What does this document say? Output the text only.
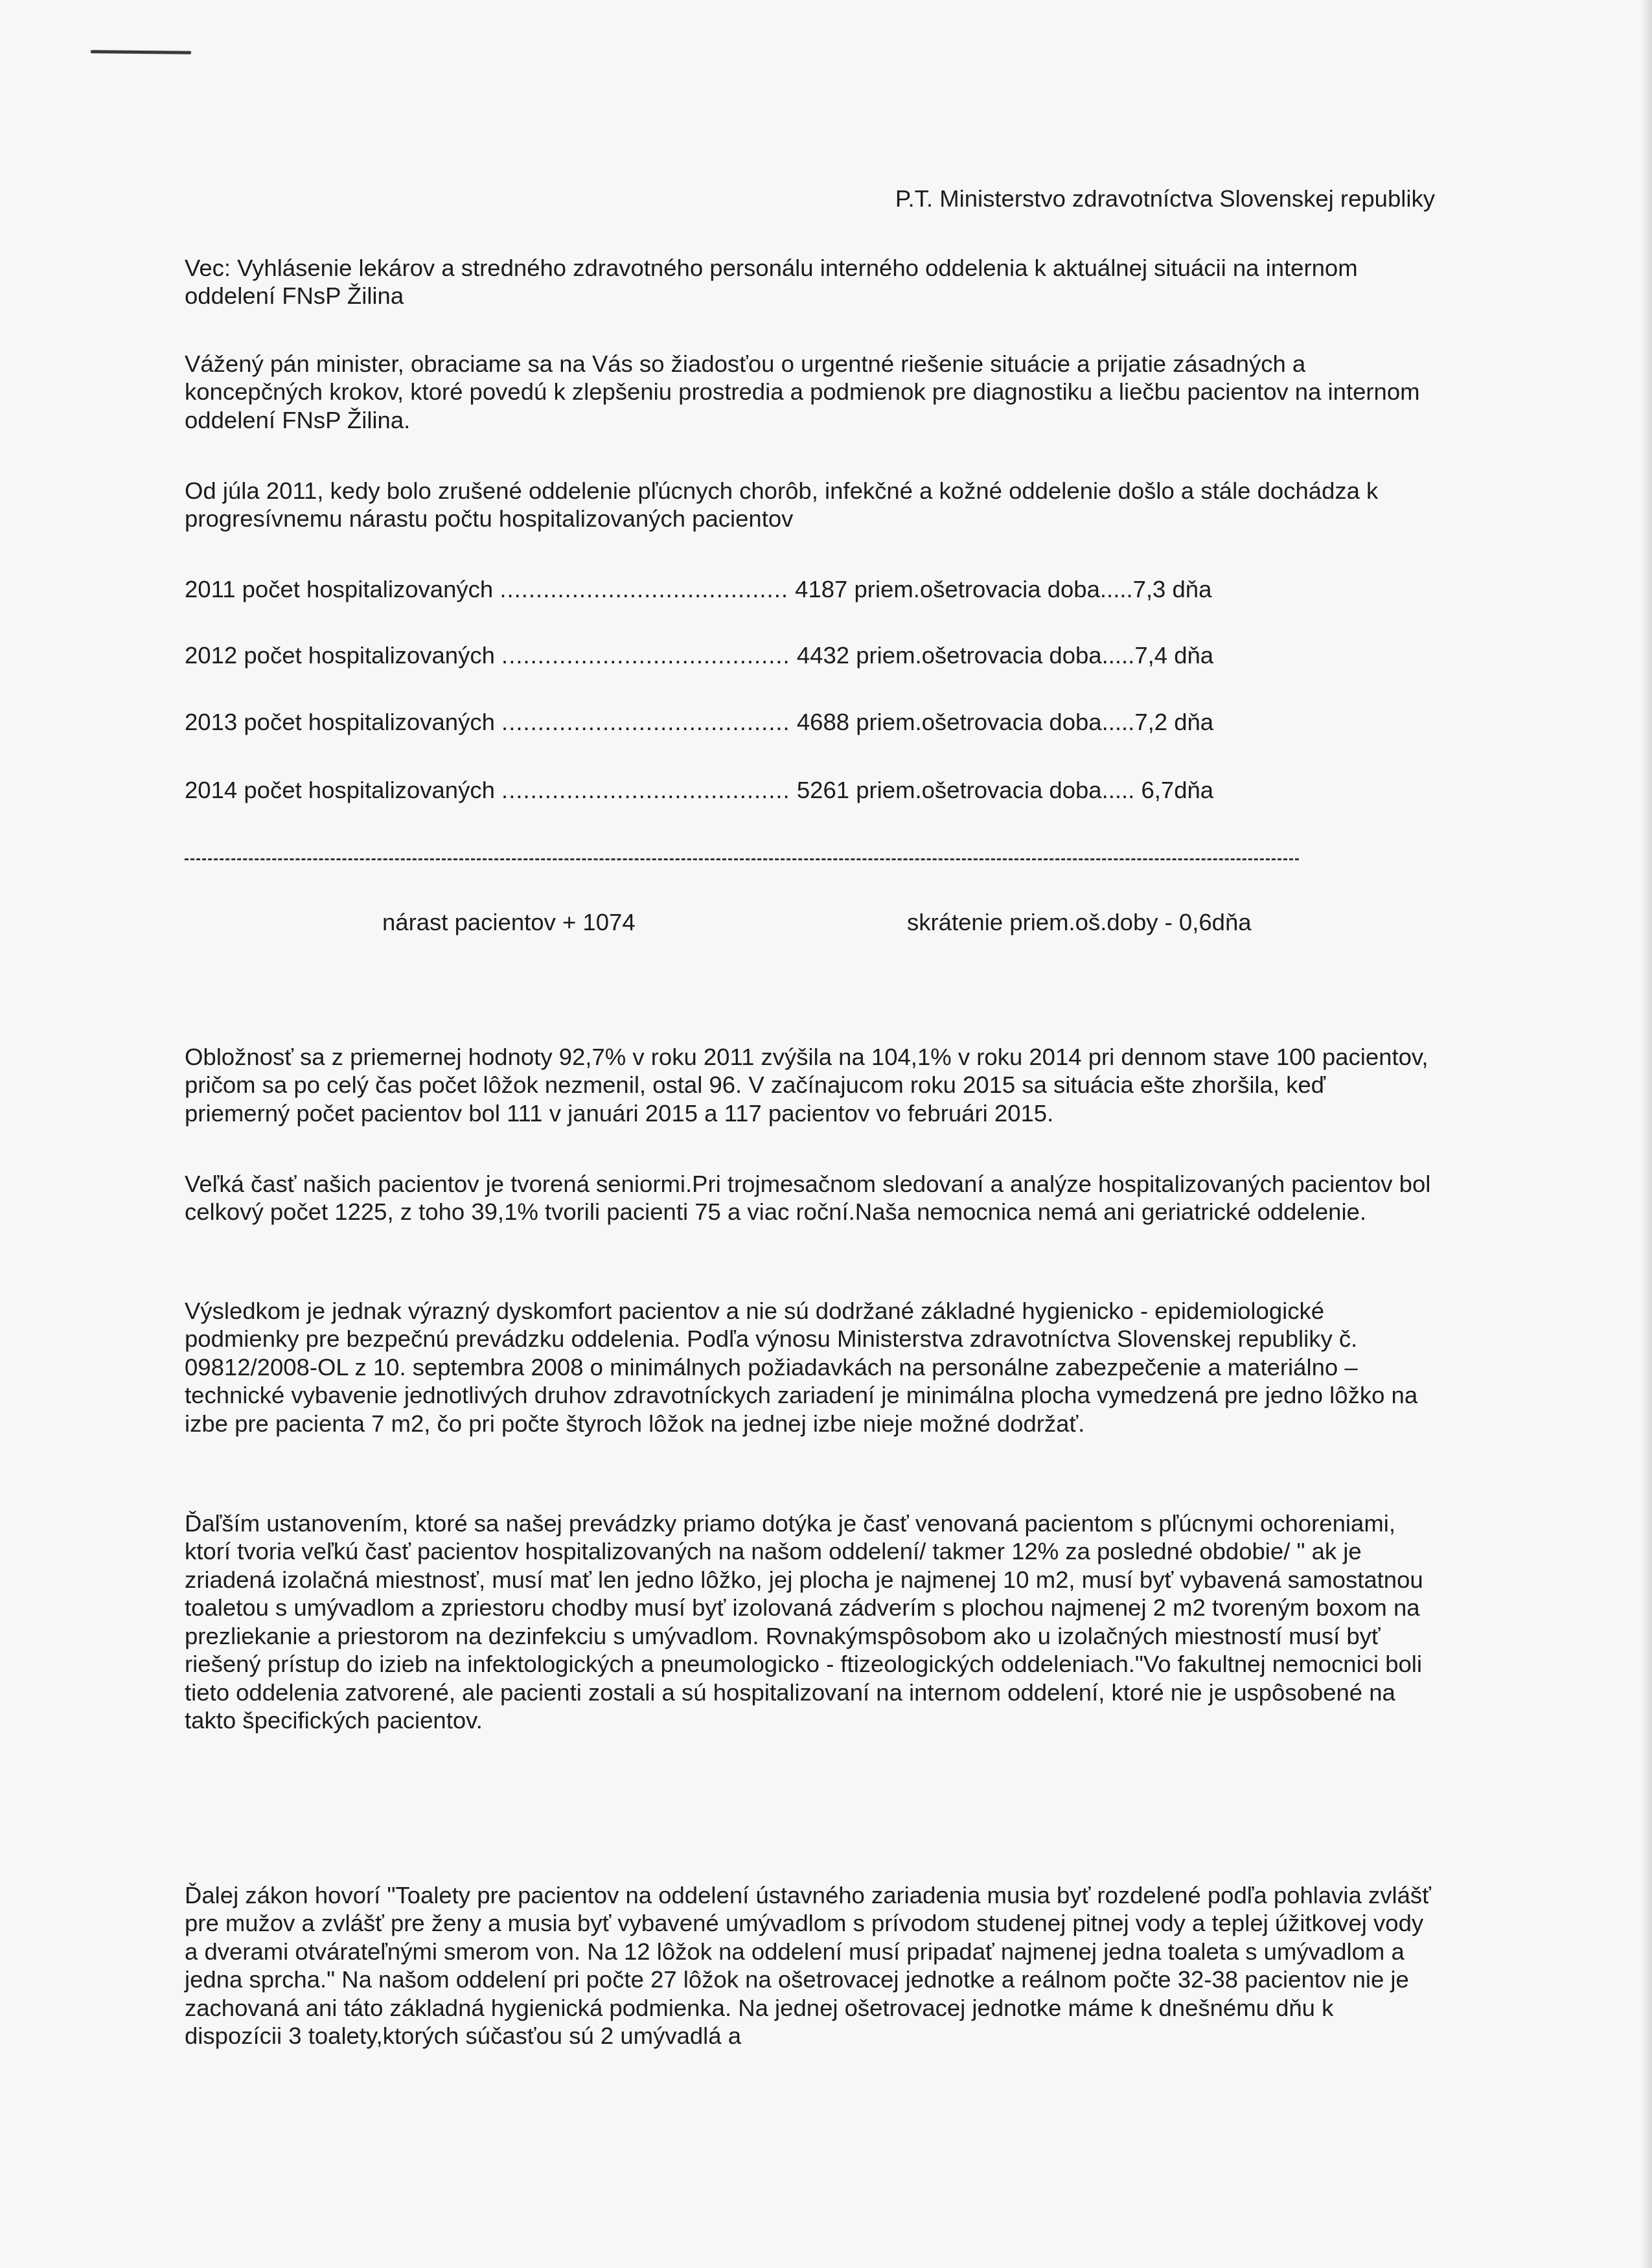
P.T. Ministerstvo zdravotníctva Slovenskej republiky

Vec: Vyhlásenie lekárov a stredného zdravotného personálu interného oddelenia k aktuálnej situácii na internom oddelení FNsP Žilina

Vážený pán minister, obraciame sa na Vás so žiadosťou o urgentné riešenie situácie a prijatie zásadných a koncepčných krokov, ktoré povedú k zlepšeniu prostredia a podmienok pre diagnostiku a liečbu pacientov na internom oddelení FNsP Žilina.

Od júla 2011, kedy bolo zrušené oddelenie pľúcnych chorôb, infekčné a kožné oddelenie došlo a stále dochádza k progresívnemu nárastu počtu hospitalizovaných pacientov

2011 počet hospitalizovaných ........................................ 4187 priem.ošetrovacia doba.....7,3 dňa
2012 počet hospitalizovaných ........................................ 4432 priem.ošetrovacia doba.....7,4 dňa
2013 počet hospitalizovaných ........................................ 4688 priem.ošetrovacia doba.....7,2 dňa
2014 počet hospitalizovaných ........................................ 5261 priem.ošetrovacia doba..... 6,7dňa
nárast pacientov + 1074	skrátenie priem.oš.doby - 0,6dňa

Obložnosť sa z priemernej hodnoty 92,7% v roku 2011 zvýšila na 104,1% v roku 2014 pri dennom stave 100 pacientov, pričom sa po celý čas počet lôžok nezmenil, ostal 96. V začínajucom roku 2015 sa situácia ešte zhoršila, keď priemerný počet pacientov bol 111 v januári 2015 a 117 pacientov vo februári 2015.

Veľká časť našich pacientov je tvorená seniormi.Pri trojmesačnom sledovaní a analýze hospitalizovaných pacientov bol celkový počet 1225, z toho 39,1% tvorili pacienti 75 a viac roční.Naša nemocnica nemá ani geriatrické oddelenie.

Výsledkom je jednak výrazný dyskomfort pacientov a nie sú dodržané základné hygienicko - epidemiologické podmienky pre bezpečnú prevádzku oddelenia. Podľa výnosu Ministerstva zdravotníctva Slovenskej republiky č. 09812/2008-OL z 10. septembra 2008 o minimálnych požiadavkách na personálne zabezpečenie a materiálno – technické vybavenie jednotlivých druhov zdravotníckych zariadení je minimálna plocha vymedzená pre jedno lôžko na izbe pre pacienta 7 m2, čo pri počte štyroch lôžok na jednej izbe nieje možné dodržať.

Ďaľším ustanovením, ktoré sa našej prevádzky priamo dotýka je časť venovaná pacientom s pľúcnymi ochoreniami, ktorí tvoria veľkú časť pacientov hospitalizovaných na našom oddelení/ takmer 12% za posledné obdobie/ " ak je zriadená izolačná miestnosť, musí mať len jedno lôžko, jej plocha je najmenej 10 m2, musí byť vybavená samostatnou toaletou s umývadlom a zpriestoru chodby musí byť izolovaná zádverím s plochou najmenej 2 m2 tvoreným boxom na prezliekanie a priestorom na dezinfekciu s umývadlom. Rovnakýmspôsobom ako u izolačných miestností musí byť riešený prístup do izieb na infektologických a pneumologicko - ftizeologických oddeleniach."Vo fakultnej nemocnici boli tieto oddelenia zatvorené, ale pacienti zostali a sú hospitalizovaní na internom oddelení, ktoré nie je uspôsobené na takto špecifických pacientov.

Ďalej zákon hovorí "Toalety pre pacientov na oddelení ústavného zariadenia musia byť rozdelené podľa pohlavia zvlášť pre mužov a zvlášť pre ženy a musia byť vybavené umývadlom s prívodom studenej pitnej vody a teplej úžitkovej vody a dverami otvárateľnými smerom von. Na 12 lôžok na oddelení musí pripadať najmenej jedna toaleta s umývadlom a jedna sprcha." Na našom oddelení pri počte 27 lôžok na ošetrovacej jednotke a reálnom počte 32-38 pacientov nie je zachovaná ani táto základná hygienická podmienka. Na jednej ošetrovacej jednotke máme k dnešnému dňu k dispozícii 3 toalety,ktorých súčasťou sú 2 umývadlá a
